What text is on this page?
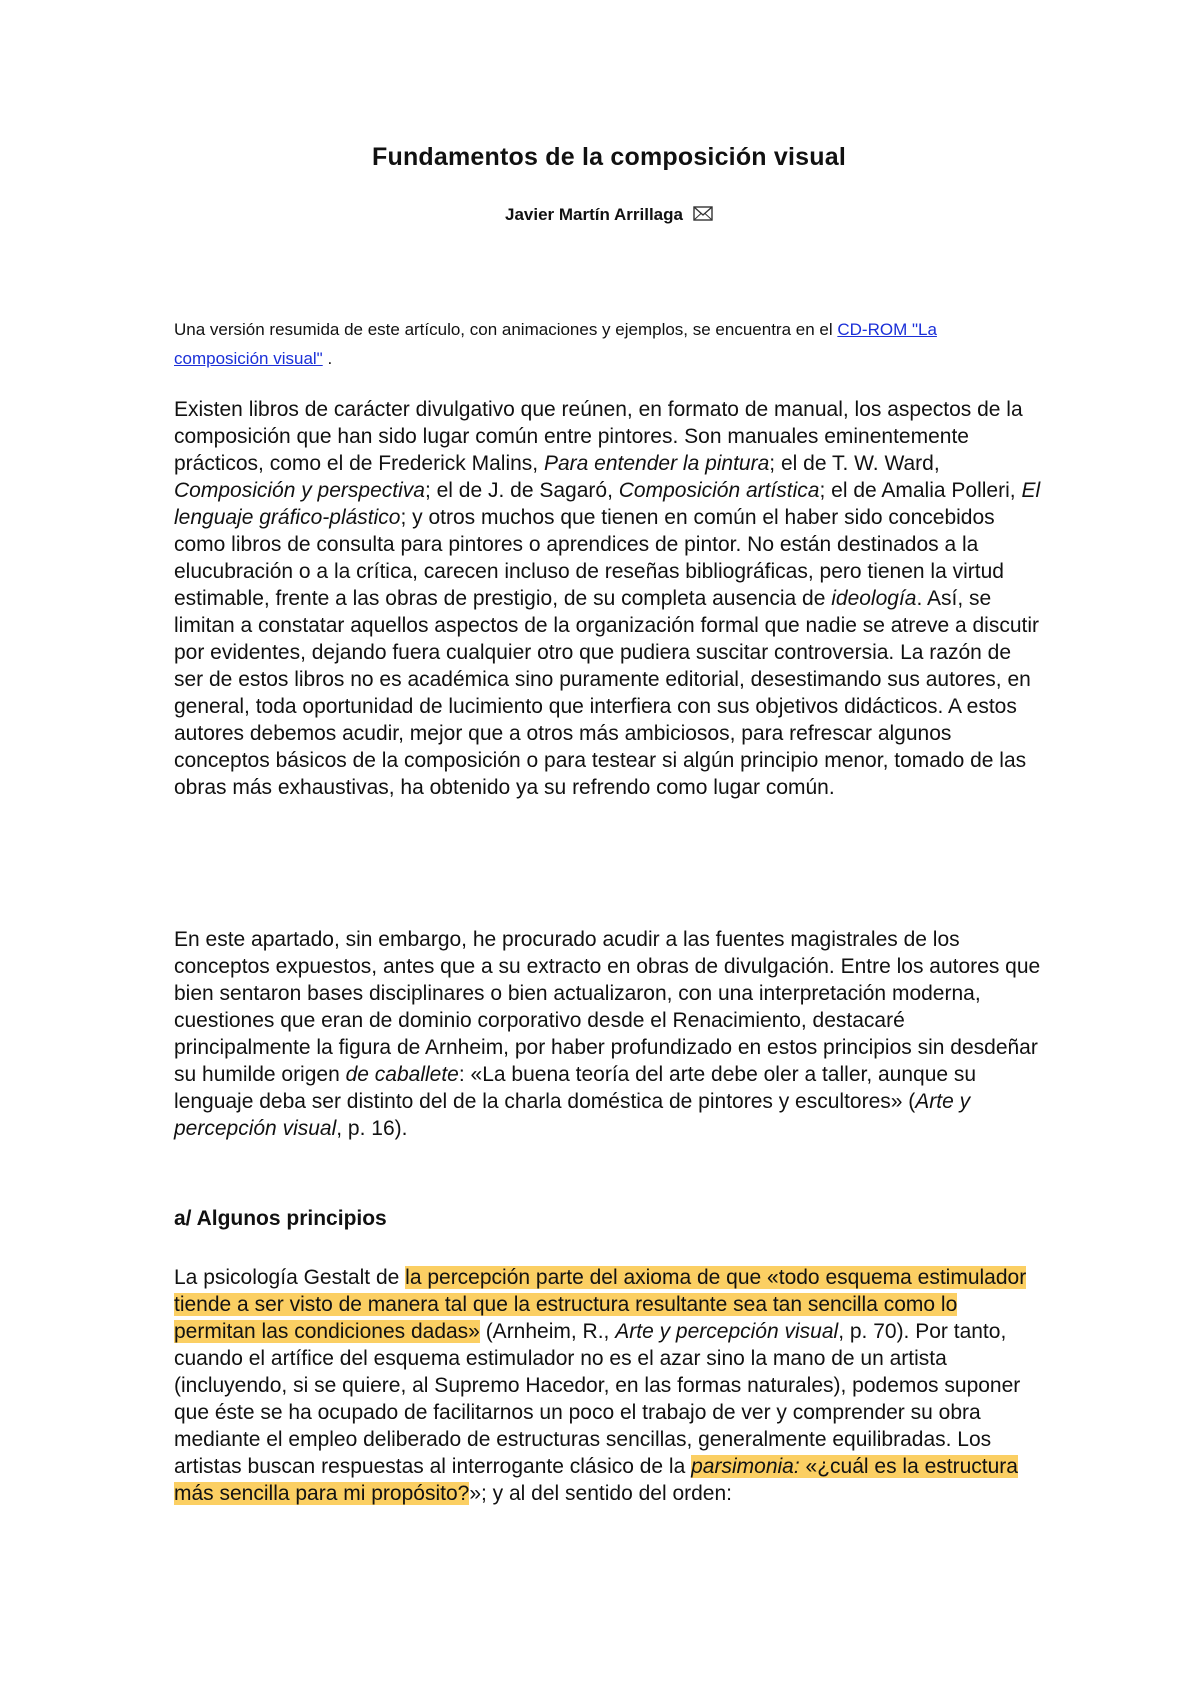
Fundamentos de la composición visual

Javier Martín Arrillaga

Una versión resumida de este artículo, con animaciones y ejemplos, se encuentra en el CD-ROM "La composición visual" .

Existen libros de carácter divulgativo que reúnen, en formato de manual, los aspectos de la composición que han sido lugar común entre pintores. Son manuales eminentemente prácticos, como el de Frederick Malins, Para entender la pintura; el de T. W. Ward, Composición y perspectiva; el de J. de Sagaró, Composición artística; el de Amalia Polleri, El lenguaje gráfico-plástico; y otros muchos que tienen en común el haber sido concebidos como libros de consulta para pintores o aprendices de pintor. No están destinados a la elucubración o a la crítica, carecen incluso de reseñas bibliográficas, pero tienen la virtud estimable, frente a las obras de prestigio, de su completa ausencia de ideología. Así, se limitan a constatar aquellos aspectos de la organización formal que nadie se atreve a discutir por evidentes, dejando fuera cualquier otro que pudiera suscitar controversia. La razón de ser de estos libros no es académica sino puramente editorial, desestimando sus autores, en general, toda oportunidad de lucimiento que interfiera con sus objetivos didácticos. A estos autores debemos acudir, mejor que a otros más ambiciosos, para refrescar algunos conceptos básicos de la composición o para testear si algún principio menor, tomado de las obras más exhaustivas, ha obtenido ya su refrendo como lugar común.

En este apartado, sin embargo, he procurado acudir a las fuentes magistrales de los conceptos expuestos, antes que a su extracto en obras de divulgación. Entre los autores que bien sentaron bases disciplinares o bien actualizaron, con una interpretación moderna, cuestiones que eran de dominio corporativo desde el Renacimiento, destacaré principalmente la figura de Arnheim, por haber profundizado en estos principios sin desdeñar su humilde origen de caballete: «La buena teoría del arte debe oler a taller, aunque su lenguaje deba ser distinto del de la charla doméstica de pintores y escultores» (Arte y percepción visual, p. 16).

a/ Algunos principios

La psicología Gestalt de la percepción parte del axioma de que «todo esquema estimulador tiende a ser visto de manera tal que la estructura resultante sea tan sencilla como lo permitan las condiciones dadas» (Arnheim, R., Arte y percepción visual, p. 70). Por tanto, cuando el artífice del esquema estimulador no es el azar sino la mano de un artista (incluyendo, si se quiere, al Supremo Hacedor, en las formas naturales), podemos suponer que éste se ha ocupado de facilitarnos un poco el trabajo de ver y comprender su obra mediante el empleo deliberado de estructuras sencillas, generalmente equilibradas. Los artistas buscan respuestas al interrogante clásico de la parsimonia: «¿cuál es la estructura más sencilla para mi propósito?»; y al del sentido del orden:
